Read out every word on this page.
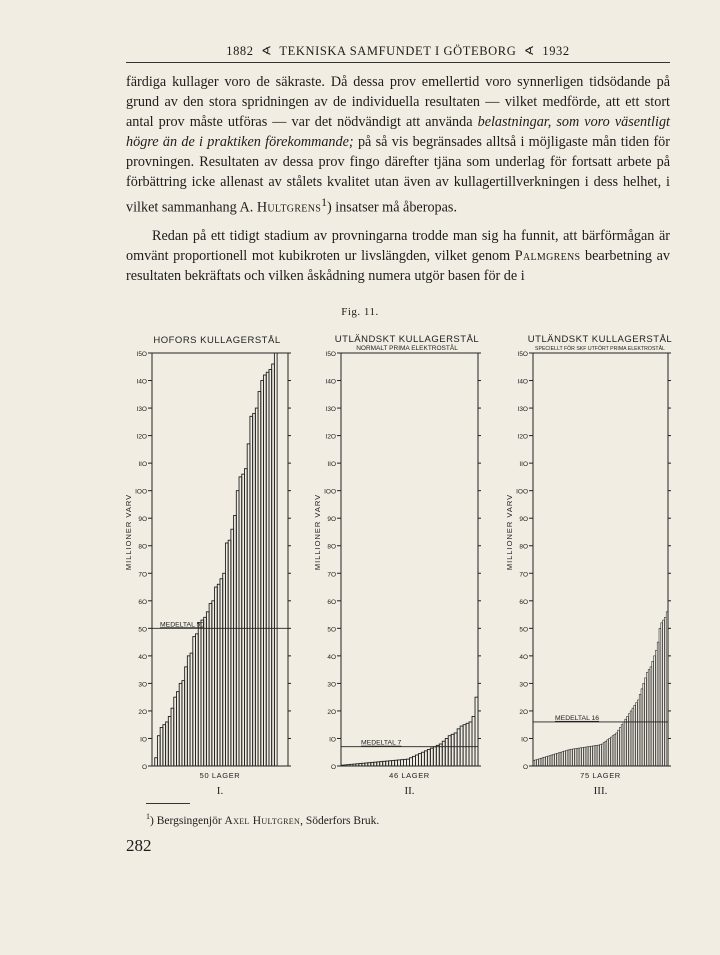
1882  ∢  TEKNISKA SAMFUNDET I GÖTEBORG  ∢  1932

färdiga kullager voro de säkraste. Då dessa prov emellertid voro synnerligen tidsödande på grund av den stora spridningen av de individuella resultaten — vilket medförde, att ett stort antal prov måste utföras — var det nödvändigt att använda belastningar, som voro väsentligt högre än de i praktiken förekommande; på så vis begränsades alltså i möjligaste mån tiden för provningen. Resultaten av dessa prov fingo därefter tjäna som underlag för fortsatt arbete på förbättring icke allenast av stålets kvalitet utan även av kullagertillverkningen i dess helhet, i vilket sammanhang A. Hultgrens$^1$) insatser må åberopas.

Redan på ett tidigt stadium av provningarna trodde man sig ha funnit, att bärförmågan är omvänt proportionell mot kubikroten ur livslängden, vilket genom Palmgrens bearbetning av resultaten bekräftats och vilken åskådning numera utgör basen för de i

Fig. 11.
HOFORS KULLAGERSTÅL
O
IO
2O
3O
4O
5O
6O
7O
8O
9O
IOO
IIO
I2O
I3O
I4O
I5O
MILLIONER VARV
MEDELTAL 50
50 LAGER
I.
UTLÄNDSKT KULLAGERSTÅL
NORMALT PRIMA ELEKTROSTÅL
O
IO
2O
3O
4O
5O
6O
7O
8O
9O
IOO
IIO
I2O
I3O
I4O
I5O
MILLIONER VARV
MEDELTAL 7
46 LAGER
II.
UTLÄNDSKT KULLAGERSTÅL
SPECIELLT FÖR SKF UTFÖRT PRIMA ELEKTROSTÅL
O
IO
2O
3O
4O
5O
6O
7O
8O
9O
IOO
IIO
I2O
I3O
I4O
I5O
MILLIONER VARV
MEDELTAL 16
75 LAGER
III.
$^1$) Bergsingenjör Axel Hultgren, Söderfors Bruk.
282
